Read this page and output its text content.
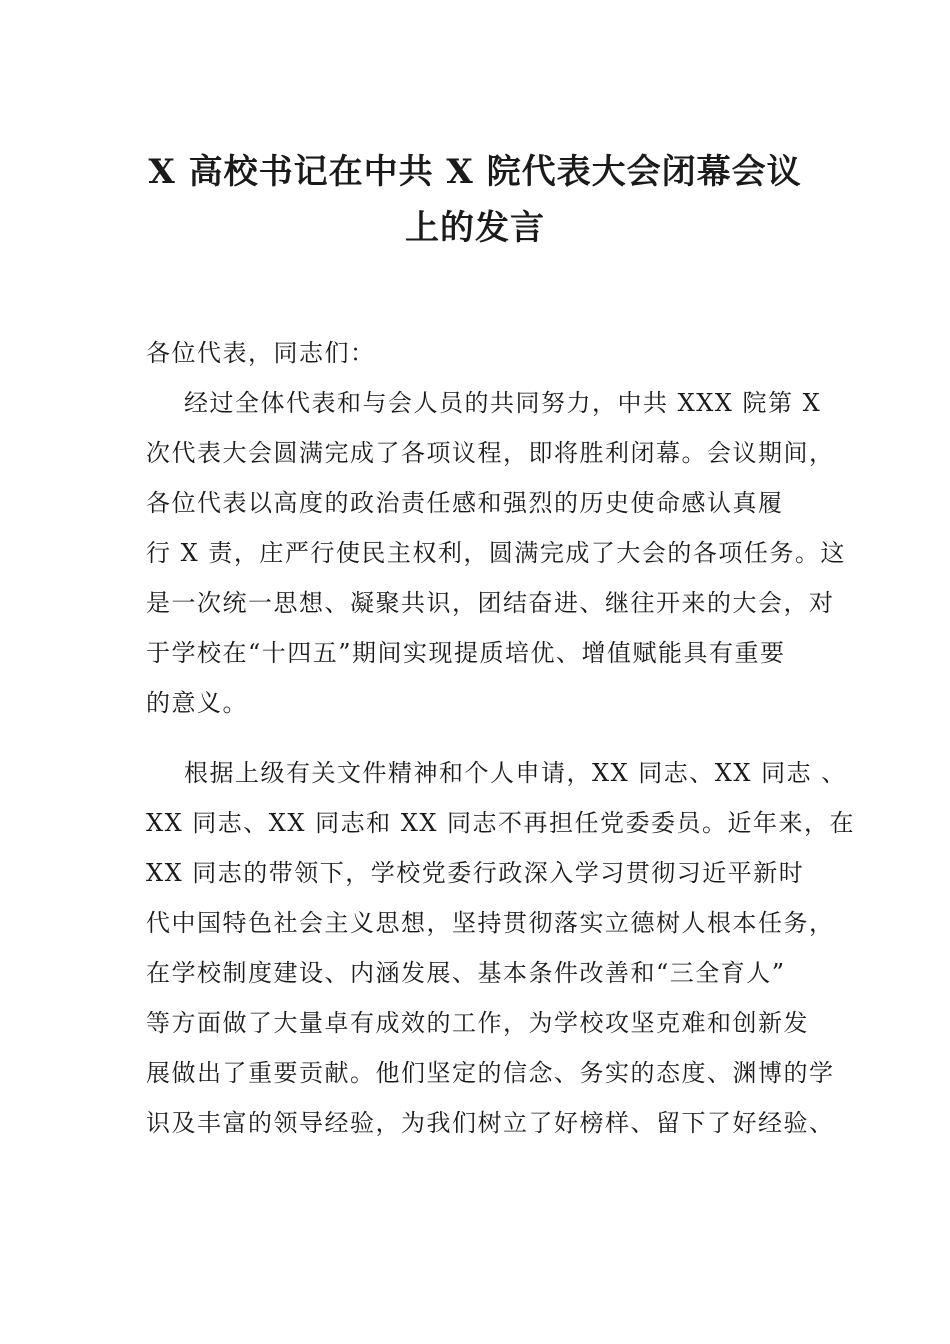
X 高校书记在中共 X 院代表大会闭幕会议
上的发言
各位代表，同志们：
经过全体代表和与会人员的共同努力，中共 XXX 院第 X
次代表大会圆满完成了各项议程，即将胜利闭幕。会议期间，
各位代表以高度的政治责任感和强烈的历史使命感认真履
行 X 责，庄严行使民主权利，圆满完成了大会的各项任务。这
是一次统一思想、凝聚共识，团结奋进、继往开来的大会，对
于学校在“十四五”期间实现提质培优、增值赋能具有重要
的意义。
根据上级有关文件精神和个人申请，XX 同志、XX 同志 、
XX 同志、XX 同志和 XX 同志不再担任党委委员。近年来，在
XX 同志的带领下，学校党委行政深入学习贯彻习近平新时
代中国特色社会主义思想，坚持贯彻落实立德树人根本任务，
在学校制度建设、内涵发展、基本条件改善和“三全育人”
等方面做了大量卓有成效的工作，为学校攻坚克难和创新发
展做出了重要贡献。他们坚定的信念、务实的态度、渊博的学
识及丰富的领导经验，为我们树立了好榜样、留下了好经验、
